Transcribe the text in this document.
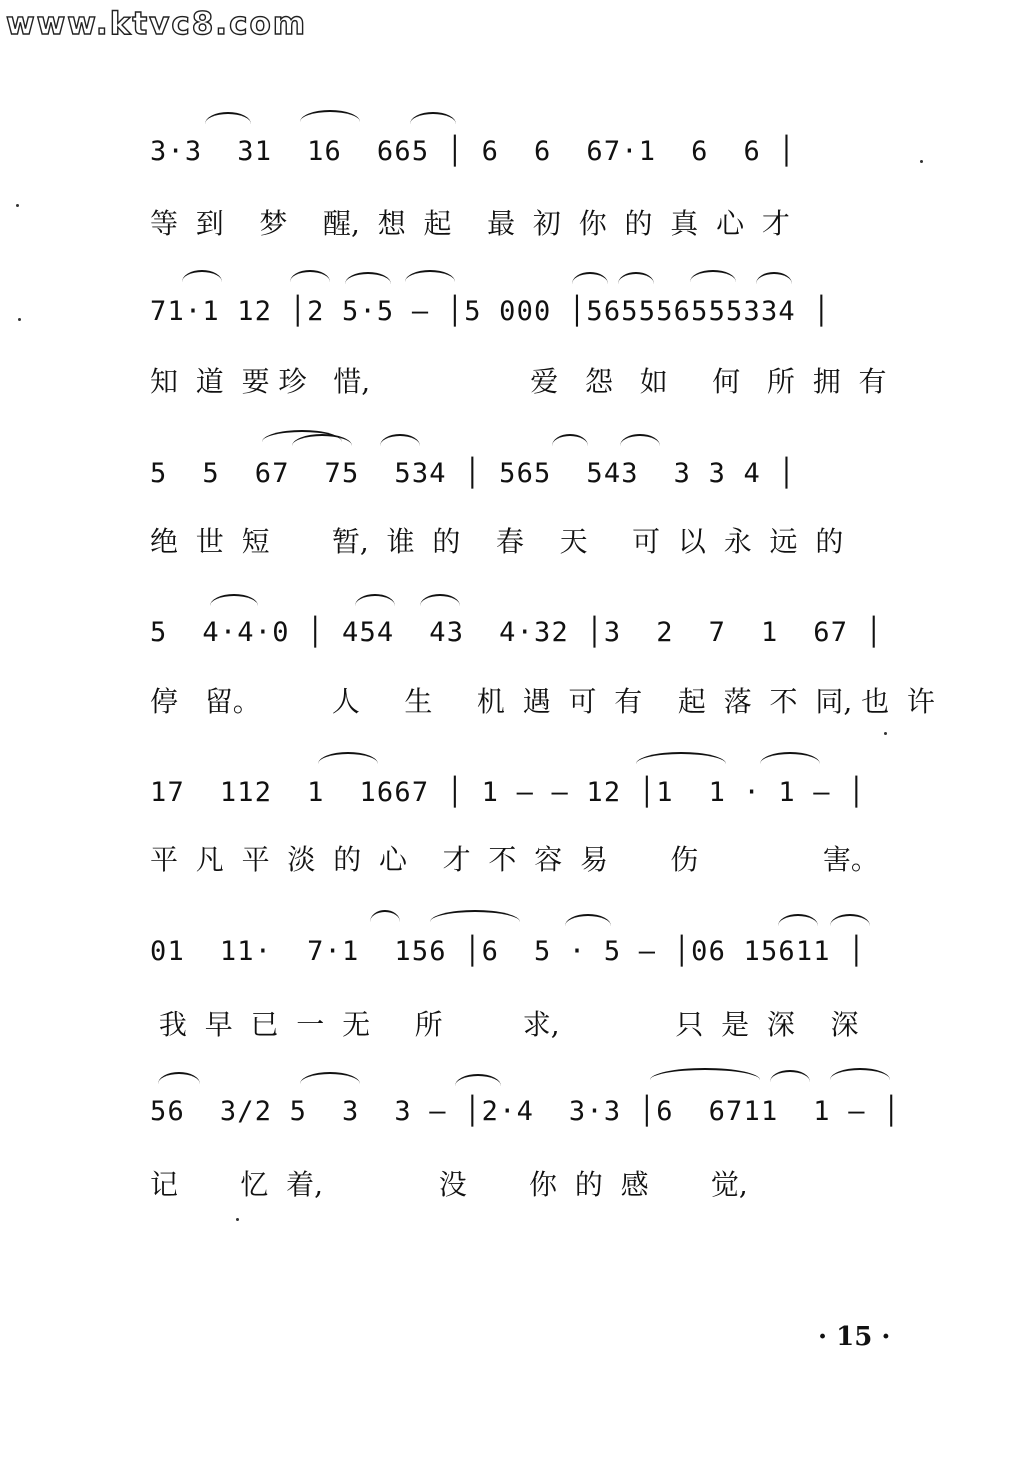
www.ktvc8.com
3·3  31  16  665 │ 6  6  67·1  6  6 │
等  到    梦    醒,  想  起    最  初  你  的  真  心  才
71·1 12 │2 5·5 – │5 000 │565556555334 │
知  道  要 珍   惜,                  爱   怨   如     何   所  拥  有
5  5  67  75  534 │ 565  543  3 3 4 │
绝  世  短       暂,  谁  的    春    天     可  以  永  远  的
5  4·4·0 │ 454  43  4·32 │3  2  7  1  67 │
停   留。        人     生     机  遇  可  有    起  落  不  同, 也  许
17  112  1  1667 │ 1 – – 12 │1  1 · 1 – │
平  凡  平  淡  的  心    才  不  容  易       伤              害。
01  11·  7·1  156 │6  5 · 5 – │06 15611 │
我  早  已  一  无     所         求,             只  是  深    深
56  3/2 5  3  3 – │2·4  3·3 │6  6711  1 – │
记       忆  着,             没       你  的  感       觉,
· 15 ·
